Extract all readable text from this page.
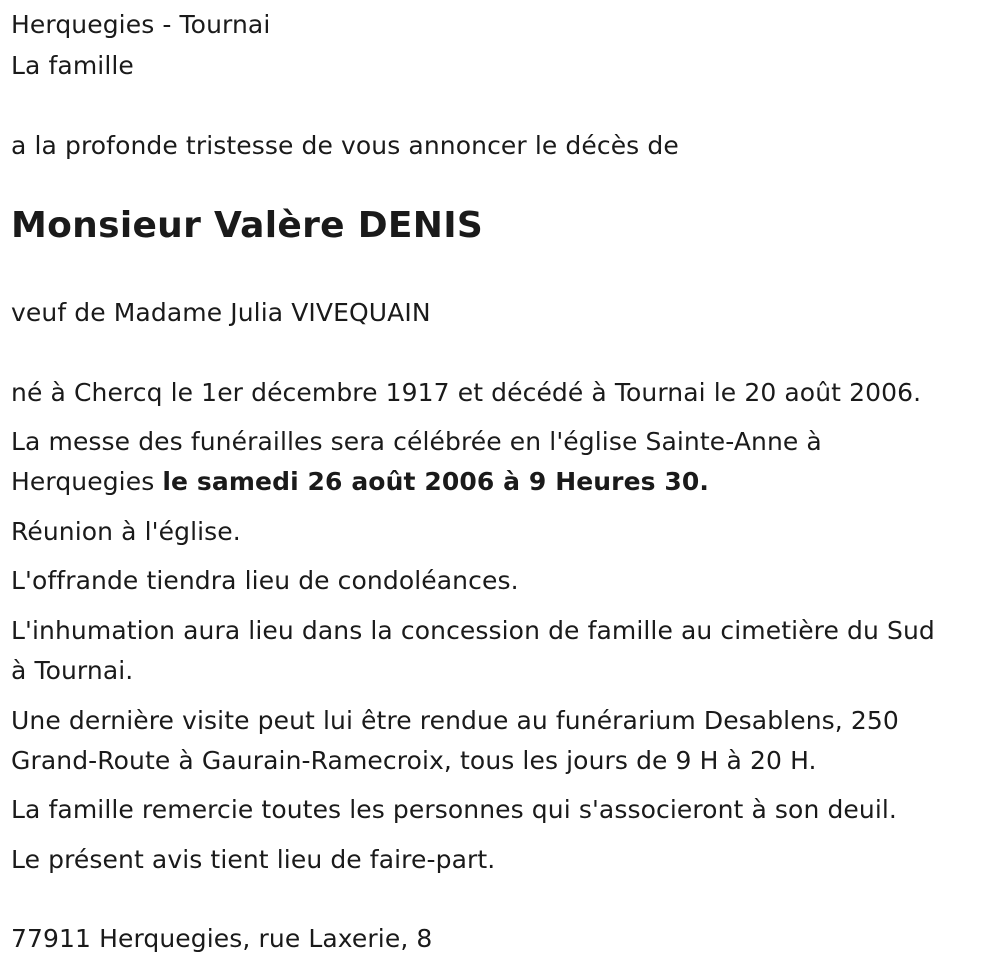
Herquegies - Tournai
La famille
a la profonde tristesse de vous annoncer le décès de
Monsieur Valère DENIS
veuf de Madame Julia VIVEQUAIN
né à Chercq le 1er décembre 1917 et décédé à Tournai le 20 août 2006.
La messe des funérailles sera célébrée en l'église Sainte-Anne à
Herquegies le samedi 26 août 2006 à 9 Heures 30.
Réunion à l'église.
L'offrande tiendra lieu de condoléances.
L'inhumation aura lieu dans la concession de famille au cimetière du Sud
à Tournai.
Une dernière visite peut lui être rendue au funérarium Desablens, 250
Grand-Route à Gaurain-Ramecroix, tous les jours de 9 H à 20 H.
La famille remercie toutes les personnes qui s'associeront à son deuil.
Le présent avis tient lieu de faire-part.
77911 Herquegies, rue Laxerie, 8
